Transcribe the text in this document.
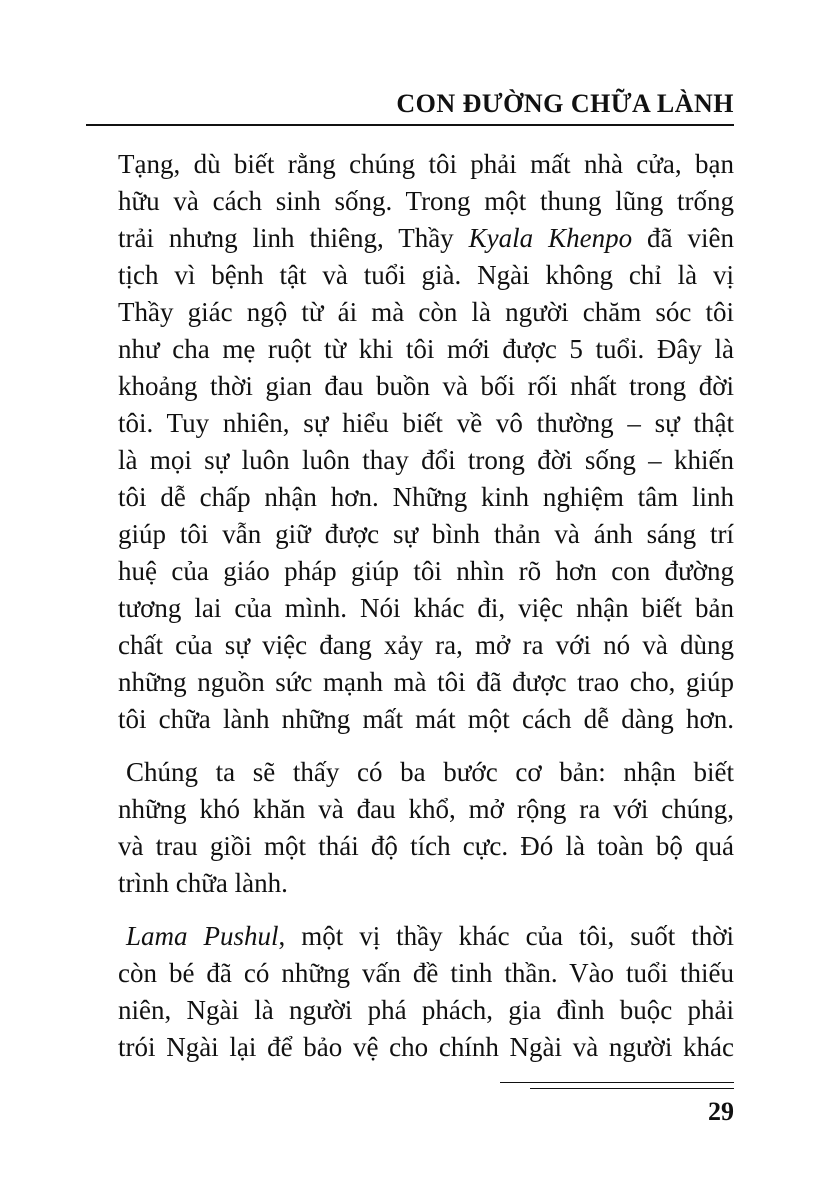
CON ĐƯỜNG CHỮA LÀNH
Tạng, dù biết rằng chúng tôi phải mất nhà cửa, bạn
hữu và cách sinh sống. Trong một thung lũng trống
trải nhưng linh thiêng, Thầy Kyala Khenpo đã viên
tịch vì bệnh tật và tuổi già. Ngài không chỉ là vị
Thầy giác ngộ từ ái mà còn là người chăm sóc tôi
như cha mẹ ruột từ khi tôi mới được 5 tuổi. Đây là
khoảng thời gian đau buồn và bối rối nhất trong đời
tôi. Tuy nhiên, sự hiểu biết về vô thường – sự thật
là mọi sự luôn luôn thay đổi trong đời sống – khiến
tôi dễ chấp nhận hơn. Những kinh nghiệm tâm linh
giúp tôi vẫn giữ được sự bình thản và ánh sáng trí
huệ của giáo pháp giúp tôi nhìn rõ hơn con đường
tương lai của mình. Nói khác đi, việc nhận biết bản
chất của sự việc đang xảy ra, mở ra với nó và dùng
những nguồn sức mạnh mà tôi đã được trao cho, giúp
tôi chữa lành những mất mát một cách dễ dàng hơn.
Chúng ta sẽ thấy có ba bước cơ bản: nhận biết
những khó khăn và đau khổ, mở rộng ra với chúng,
và trau giồi một thái độ tích cực. Đó là toàn bộ quá
trình chữa lành.
Lama Pushul, một vị thầy khác của tôi, suốt thời
còn bé đã có những vấn đề tinh thần. Vào tuổi thiếu
niên, Ngài là người phá phách, gia đình buộc phải
trói Ngài lại để bảo vệ cho chính Ngài và người khác
29
